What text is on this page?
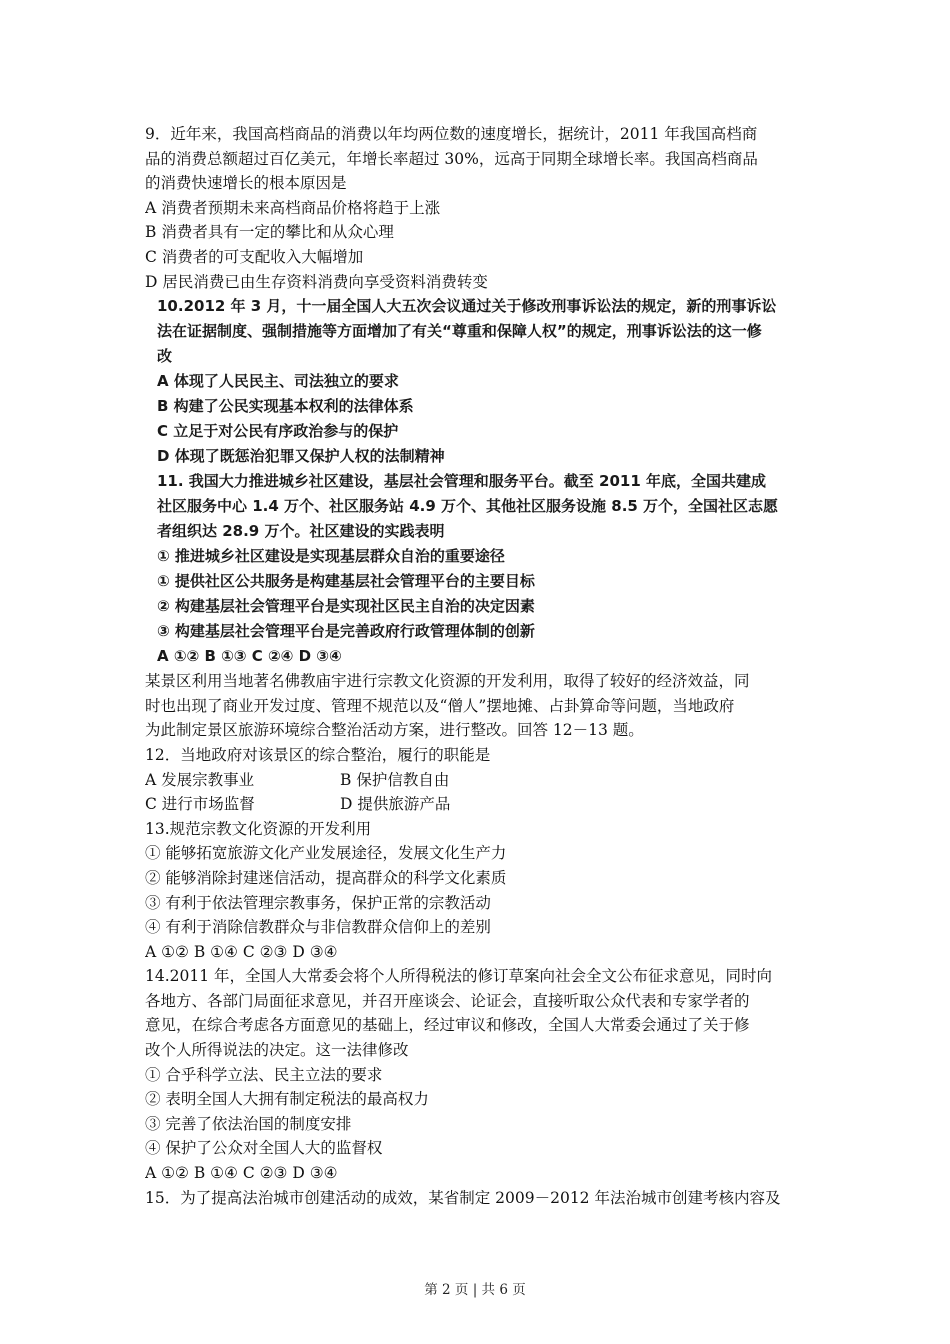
9．近年来，我国高档商品的消费以年均两位数的速度增长，据统计，2011 年我国高档商
品的消费总额超过百亿美元，年增长率超过 30%，远高于同期全球增长率。我国高档商品
的消费快速增长的根本原因是
A 消费者预期未来高档商品价格将趋于上涨
B 消费者具有一定的攀比和从众心理
C 消费者的可支配收入大幅增加
D 居民消费已由生存资料消费向享受资料消费转变
10.2012 年 3 月，十一届全国人大五次会议通过关于修改刑事诉讼法的规定，新的刑事诉讼
法在证据制度、强制措施等方面增加了有关“尊重和保障人权”的规定，刑事诉讼法的这一修
改
A 体现了人民民主、司法独立的要求
B 构建了公民实现基本权利的法律体系
C 立足于对公民有序政治参与的保护
D 体现了既惩治犯罪又保护人权的法制精神
11. 我国大力推进城乡社区建设，基层社会管理和服务平台。截至 2011 年底，全国共建成
社区服务中心 1.4 万个、社区服务站 4.9 万个、其他社区服务设施 8.5 万个，全国社区志愿
者组织达 28.9 万个。社区建设的实践表明
① 推进城乡社区建设是实现基层群众自治的重要途径
① 提供社区公共服务是构建基层社会管理平台的主要目标
② 构建基层社会管理平台是实现社区民主自治的决定因素
③ 构建基层社会管理平台是完善政府行政管理体制的创新
A ①② B ①③ C ②④ D ③④
某景区利用当地著名佛教庙宇进行宗教文化资源的开发利用，取得了较好的经济效益，同
时也出现了商业开发过度、管理不规范以及“僧人”摆地摊、占卦算命等问题，当地政府
为此制定景区旅游环境综合整治活动方案，进行整改。回答 12－13 题。
12．当地政府对该景区的综合整治，履行的职能是
A 发展宗教事业	B 保护信教自由
C 进行市场监督	D 提供旅游产品
13.规范宗教文化资源的开发利用
① 能够拓宽旅游文化产业发展途径，发展文化生产力
② 能够消除封建迷信活动，提高群众的科学文化素质
③ 有利于依法管理宗教事务，保护正常的宗教活动
④ 有利于消除信教群众与非信教群众信仰上的差别
A ①② B ①④ C ②③ D ③④
14.2011 年，全国人大常委会将个人所得税法的修订草案向社会全文公布征求意见，同时向
各地方、各部门局面征求意见，并召开座谈会、论证会，直接听取公众代表和专家学者的
意见，在综合考虑各方面意见的基础上，经过审议和修改，全国人大常委会通过了关于修
改个人所得说法的决定。这一法律修改
① 合乎科学立法、民主立法的要求
② 表明全国人大拥有制定税法的最高权力
③ 完善了依法治国的制度安排
④ 保护了公众对全国人大的监督权
A ①② B ①④ C ②③ D ③④
15．为了提高法治城市创建活动的成效，某省制定 2009－2012 年法治城市创建考核内容及
第 2 页 | 共 6 页
